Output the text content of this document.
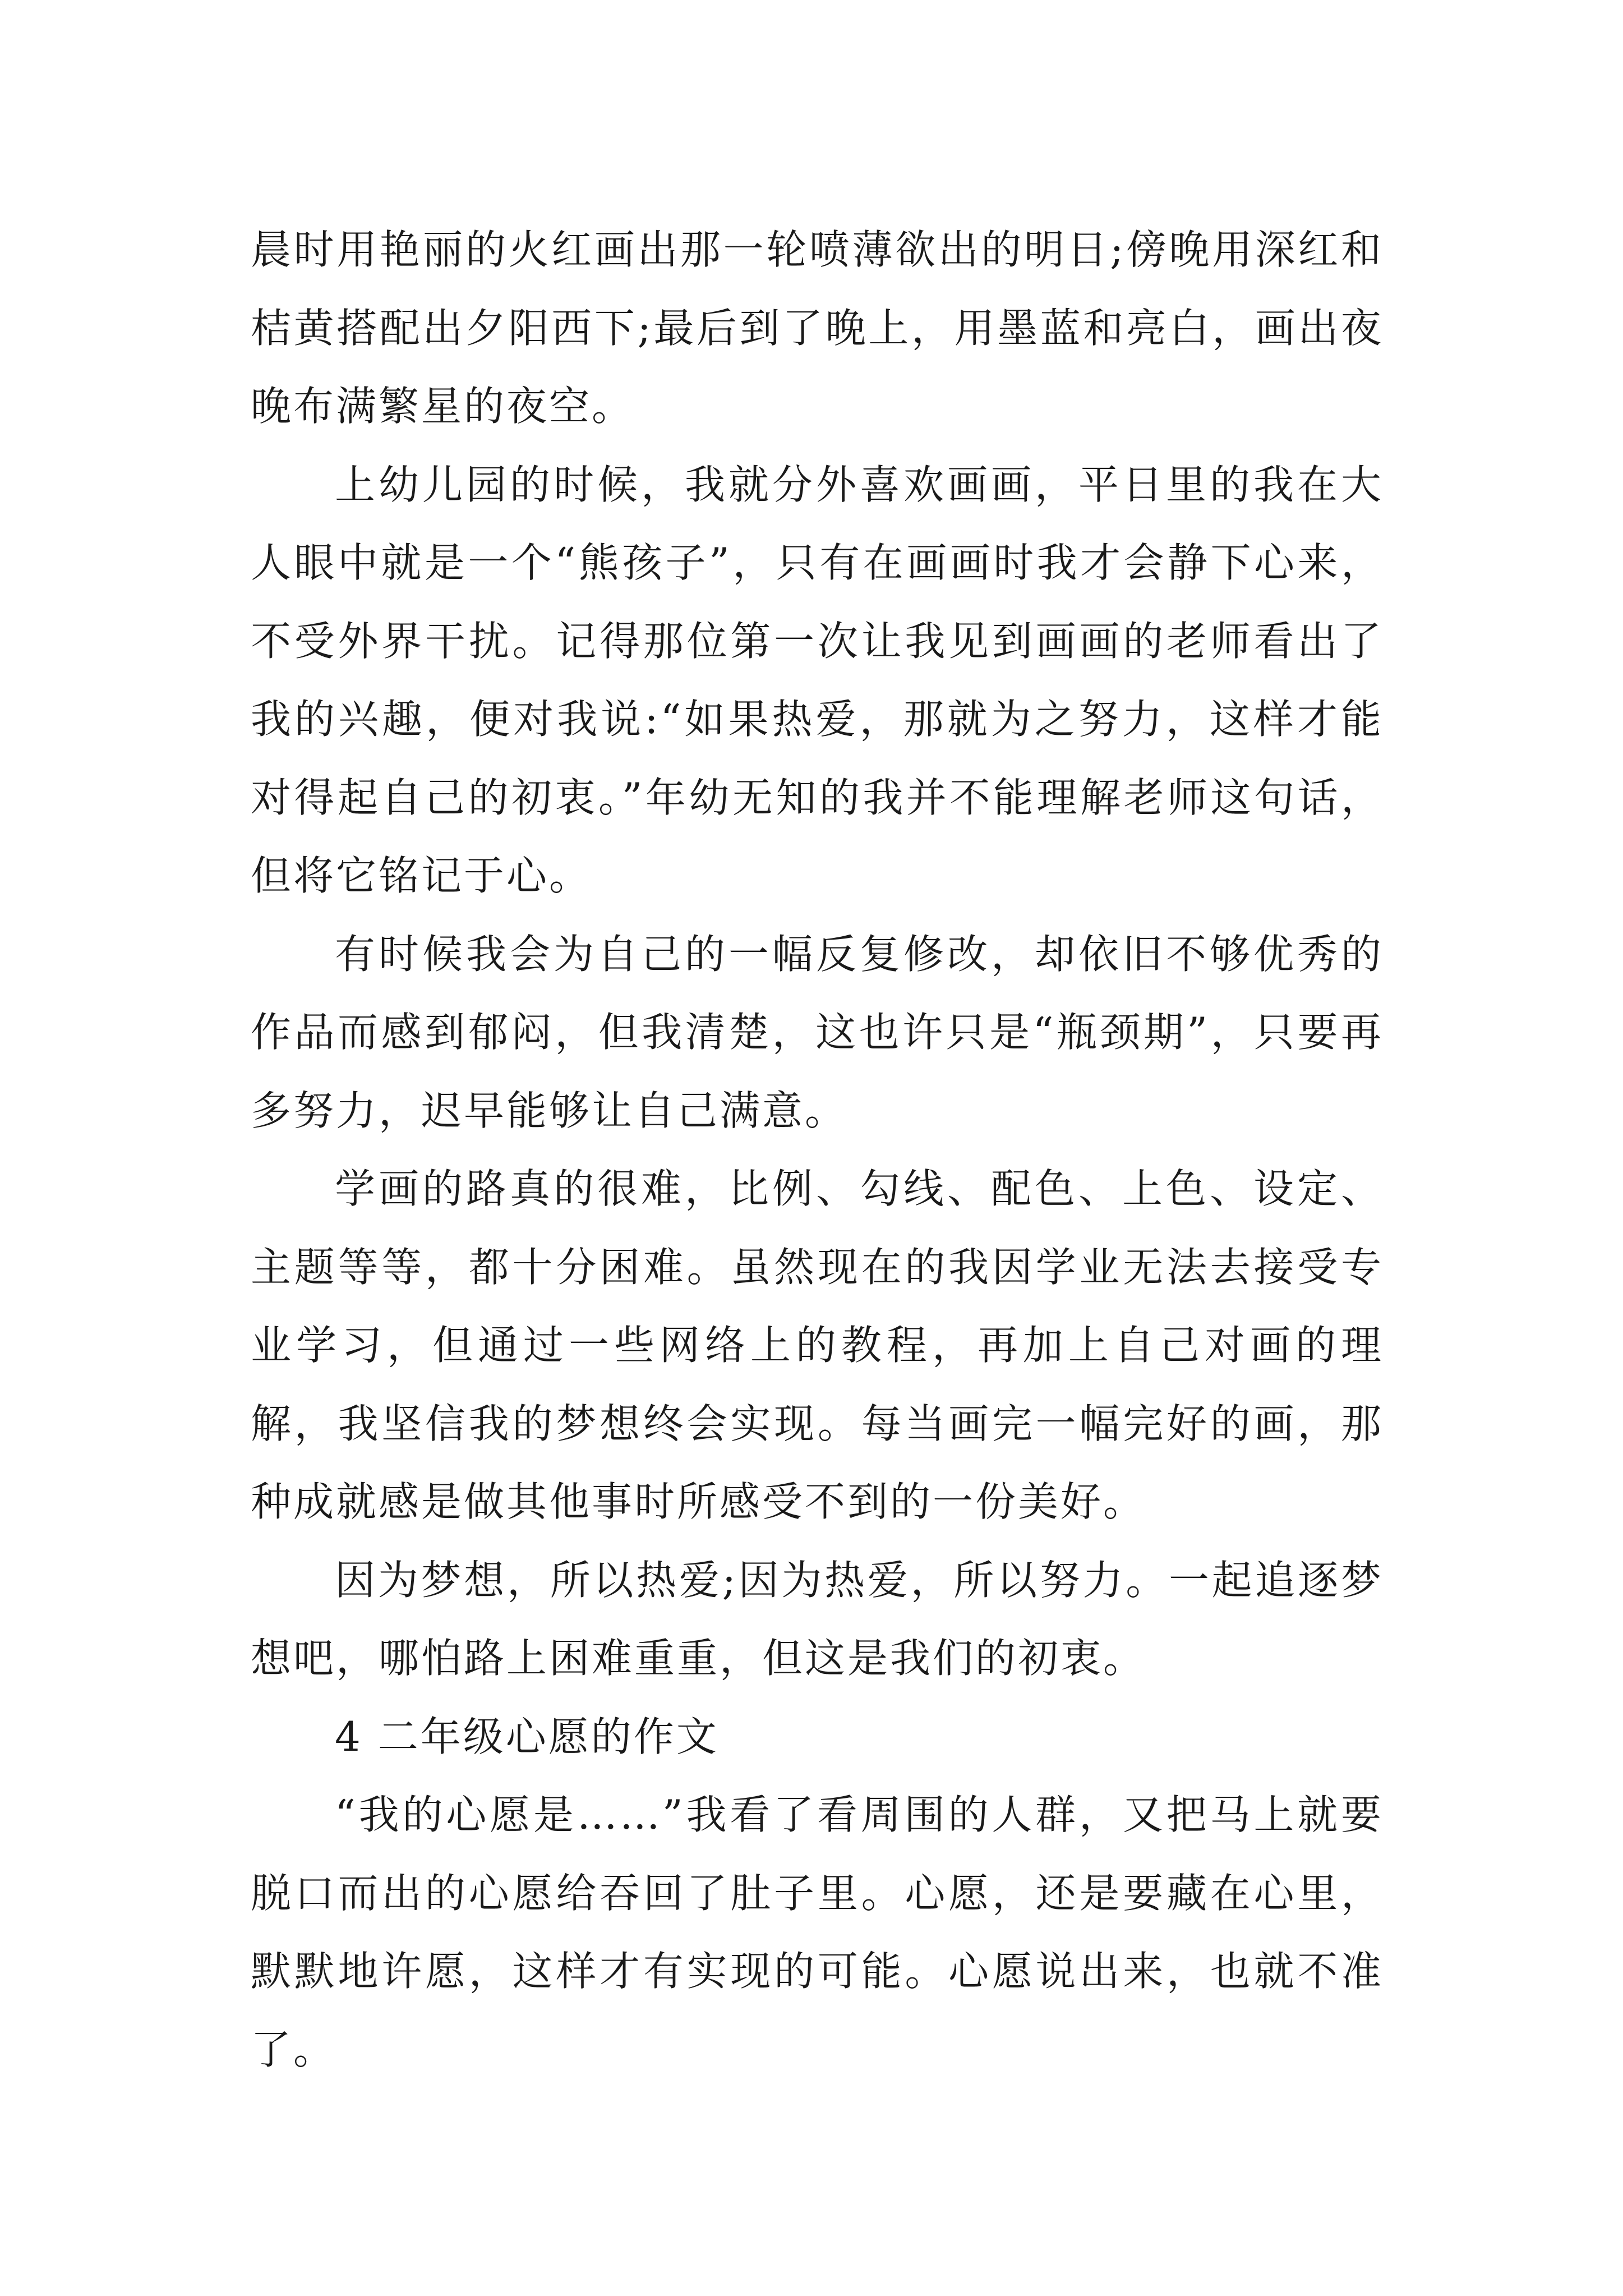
晨时用艳丽的火红画出那一轮喷薄欲出的明日;傍晚用深红和桔黄搭配出夕阳西下;最后到了晚上，用墨蓝和亮白，画出夜晚布满繁星的夜空。

上幼儿园的时候，我就分外喜欢画画，平日里的我在大人眼中就是一个“熊孩子”，只有在画画时我才会静下心来，不受外界干扰。记得那位第一次让我见到画画的老师看出了我的兴趣，便对我说:“如果热爱，那就为之努力，这样才能对得起自己的初衷。”年幼无知的我并不能理解老师这句话，但将它铭记于心。

有时候我会为自己的一幅反复修改，却依旧不够优秀的作品而感到郁闷，但我清楚，这也许只是“瓶颈期”，只要再多努力，迟早能够让自己满意。

学画的路真的很难，比例、勾线、配色、上色、设定、主题等等，都十分困难。虽然现在的我因学业无法去接受专业学习，但通过一些网络上的教程，再加上自己对画的理解，我坚信我的梦想终会实现。每当画完一幅完好的画，那种成就感是做其他事时所感受不到的一份美好。

因为梦想，所以热爱;因为热爱，所以努力。一起追逐梦想吧，哪怕路上困难重重，但这是我们的初衷。

4 二年级心愿的作文

“我的心愿是……”我看了看周围的人群，又把马上就要脱口而出的心愿给吞回了肚子里。心愿，还是要藏在心里，默默地许愿，这样才有实现的可能。心愿说出来，也就不准了。
